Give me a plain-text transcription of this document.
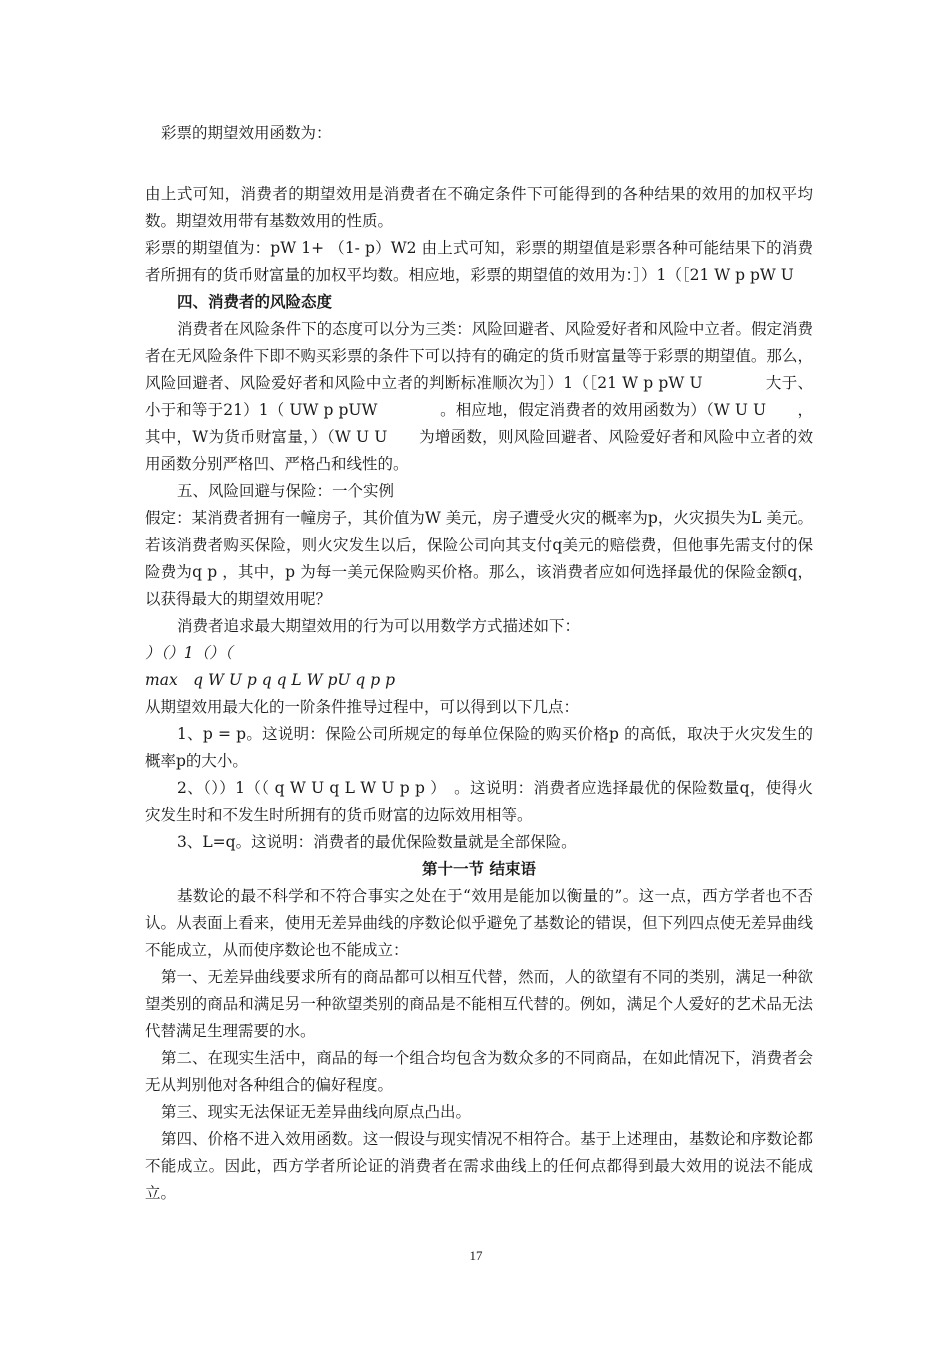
彩票的期望效用函数为：

由上式可知，消费者的期望效用是消费者在不确定条件下可能得到的各种结果的效用的加权平均数。期望效用带有基数效用的性质。

彩票的期望值为：pW 1+ （1- p）W2 由上式可知，彩票的期望值是彩票各种可能结果下的消费者所拥有的货币财富量的加权平均数。相应地，彩票的期望值的效用为：］）1（［21 W p pW U

四、消费者的风险态度

消费者在风险条件下的态度可以分为三类：风险回避者、风险爱好者和风险中立者。假定消费者在无风险条件下即不购买彩票的条件下可以持有的确定的货币财富量等于彩票的期望值。那么，风险回避者、风险爱好者和风险中立者的判断标准顺次为］）1（［21 W p pW U　　　　大于、小于和等于21）1（ UW p pUW　　　　。相应地，假定消费者的效用函数为）（W U U　　，其中，W为货币财富量，）（W U U　　为增函数，则风险回避者、风险爱好者和风险中立者的效用函数分别严格凹、严格凸和线性的。

五、风险回避与保险：一个实例

假定：某消费者拥有一幢房子，其价值为W 美元，房子遭受火灾的概率为p，火灾损失为L 美元。若该消费者购买保险，则火灾发生以后，保险公司向其支付q美元的赔偿费，但他事先需支付的保险费为q p ，其中，p 为每一美元保险购买价格。那么，该消费者应如何选择最优的保险金额q，以获得最大的期望效用呢？

消费者追求最大期望效用的行为可以用数学方式描述如下：

）（）1（）（

max　q W U p q q L W pU q p p

从期望效用最大化的一阶条件推导过程中，可以得到以下几点：

1、p = p。这说明：保险公司所规定的每单位保险的购买价格p 的高低，取决于火灾发生的概率p的大小。

2、（））1（（ q W U q L W U p p ）　。这说明：消费者应选择最优的保险数量q，使得火灾发生时和不发生时所拥有的货币财富的边际效用相等。

3、L=q。这说明：消费者的最优保险数量就是全部保险。

第十一节 结束语

基数论的最不科学和不符合事实之处在于“效用是能加以衡量的”。这一点，西方学者也不否认。从表面上看来，使用无差异曲线的序数论似乎避免了基数论的错误，但下列四点使无差异曲线不能成立，从而使序数论也不能成立：

第一、无差异曲线要求所有的商品都可以相互代替，然而，人的欲望有不同的类别，满足一种欲望类别的商品和满足另一种欲望类别的商品是不能相互代替的。例如，满足个人爱好的艺术品无法代替满足生理需要的水。

第二、在现实生活中，商品的每一个组合均包含为数众多的不同商品，在如此情况下，消费者会无从判别他对各种组合的偏好程度。

第三、现实无法保证无差异曲线向原点凸出。

第四、价格不进入效用函数。这一假设与现实情况不相符合。基于上述理由，基数论和序数论都不能成立。因此，西方学者所论证的消费者在需求曲线上的任何点都得到最大效用的说法不能成立。

17
